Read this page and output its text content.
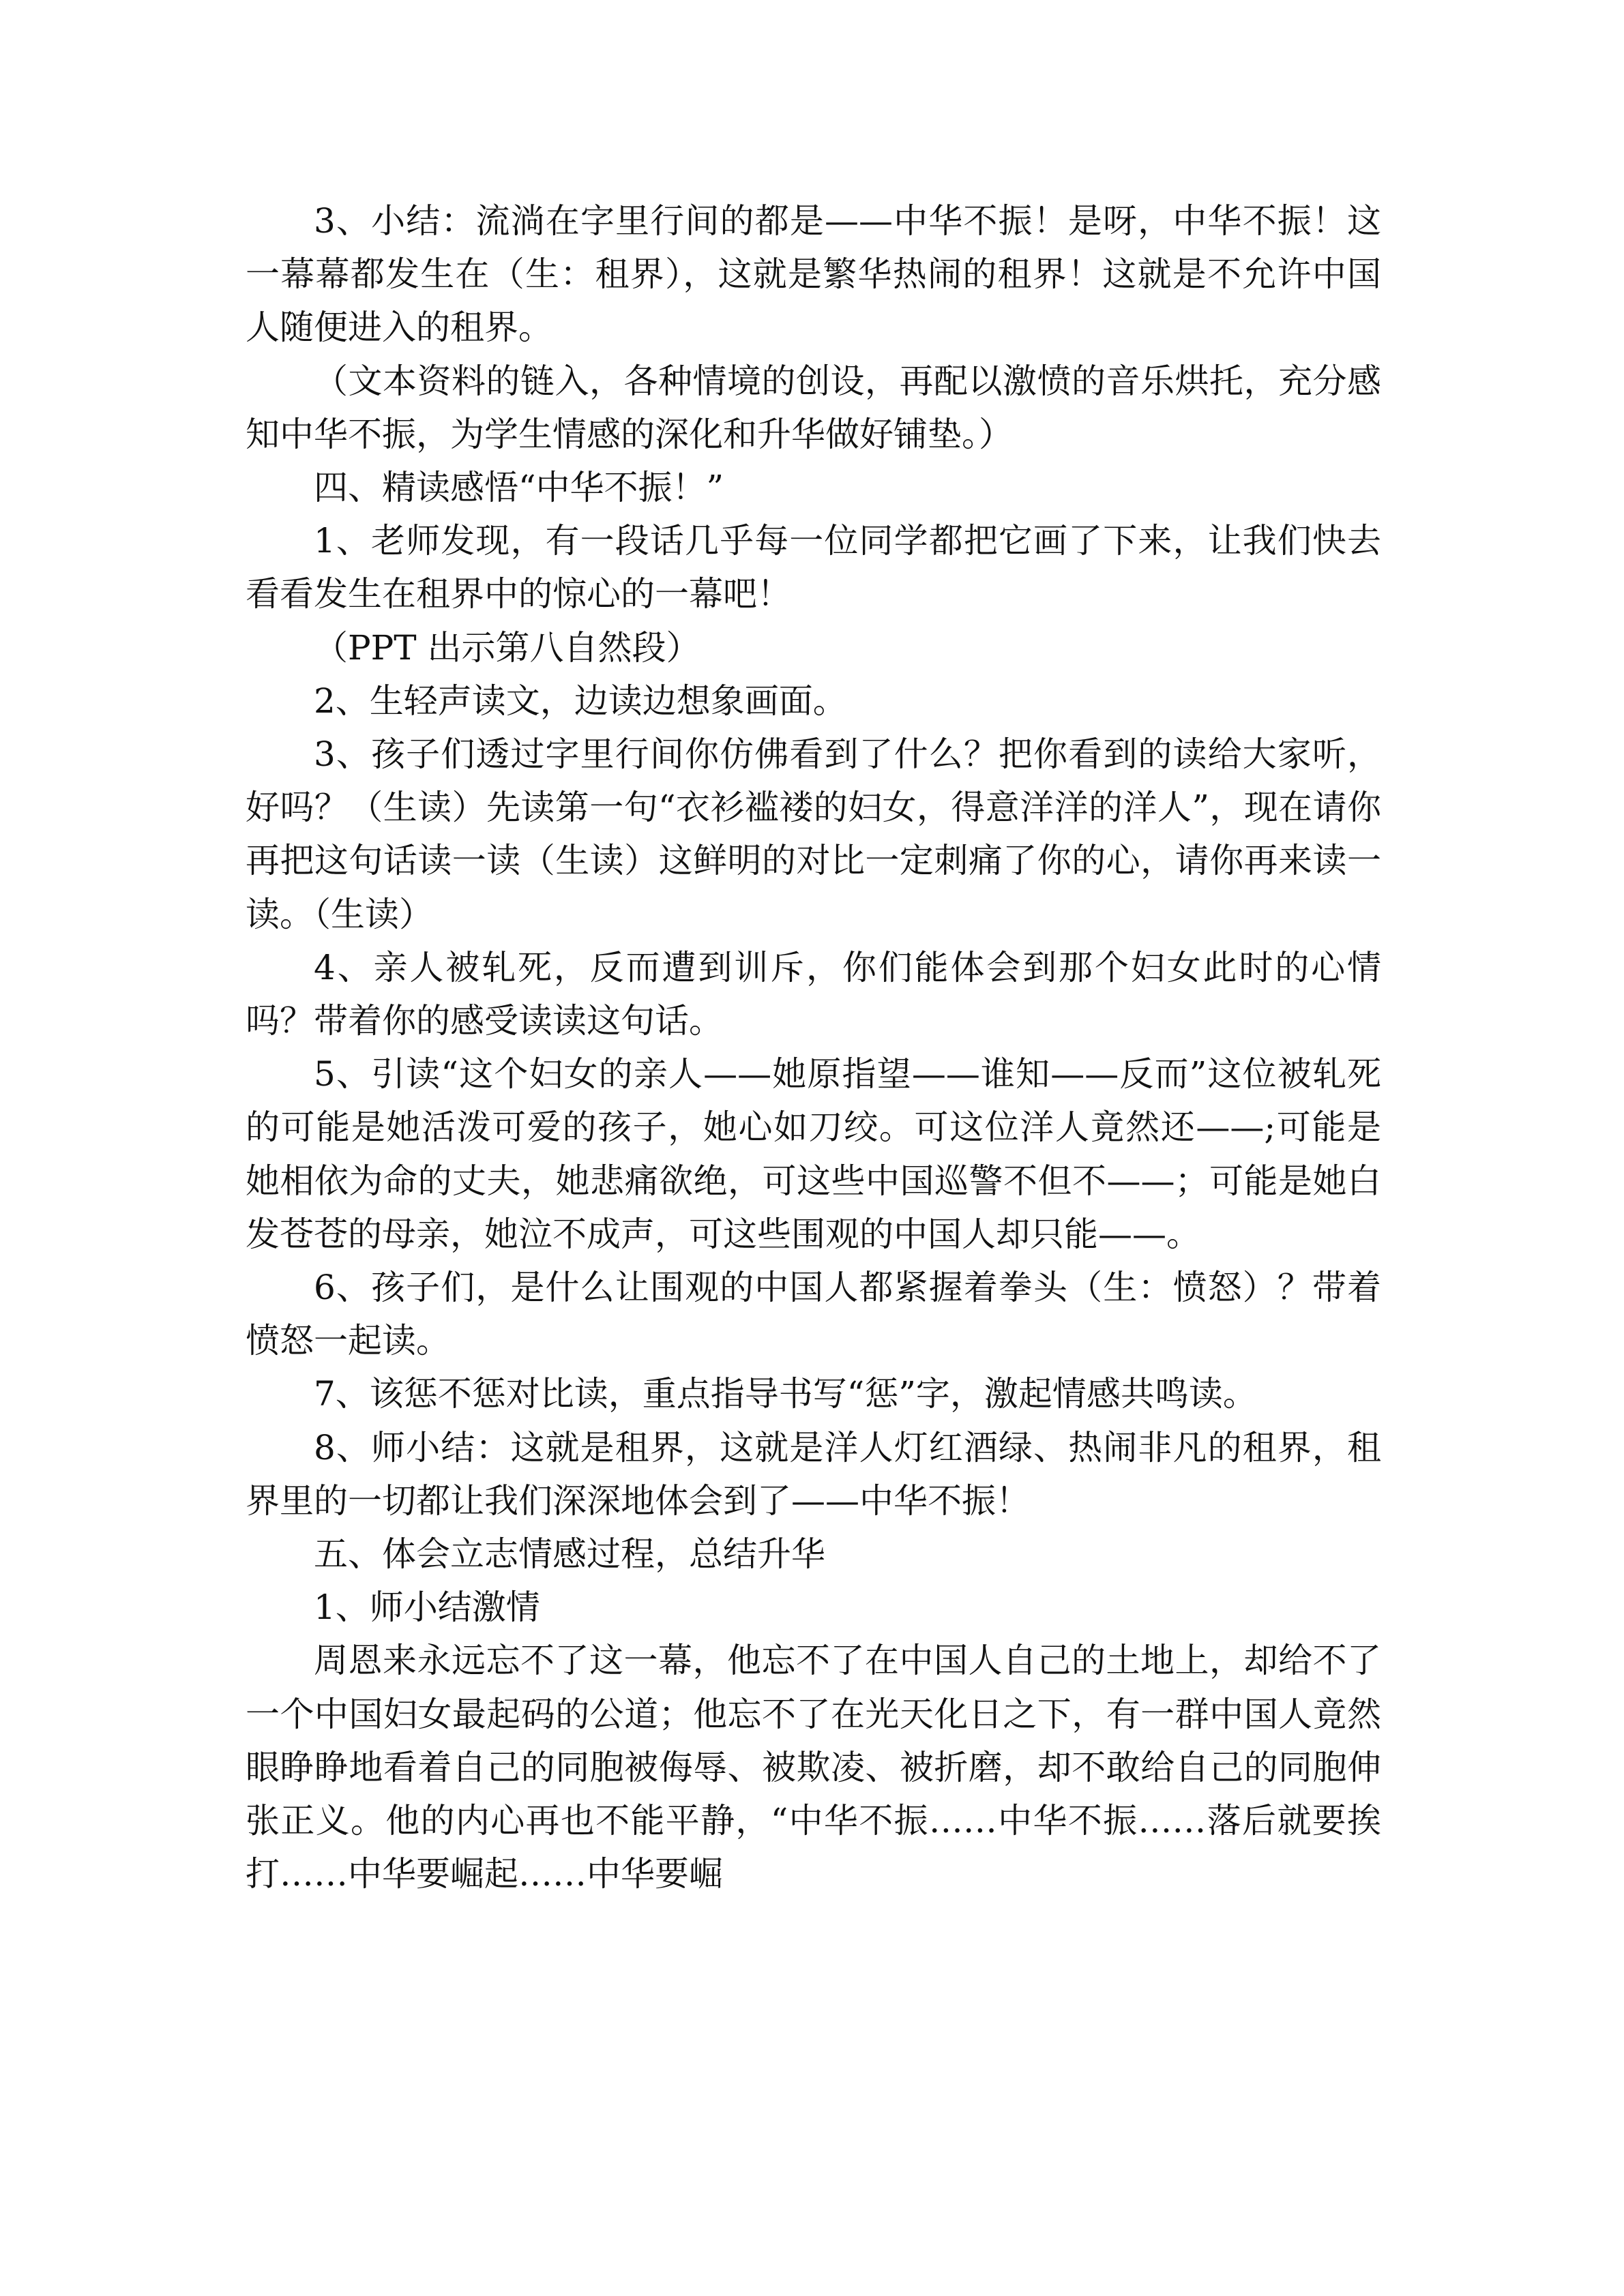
3、小结：流淌在字里行间的都是——中华不振！是呀，中华不振！这一幕幕都发生在（生：租界），这就是繁华热闹的租界！这就是不允许中国人随便进入的租界。

（文本资料的链入，各种情境的创设，再配以激愤的音乐烘托，充分感知中华不振，为学生情感的深化和升华做好铺垫。）

四、精读感悟“中华不振！”

1、老师发现，有一段话几乎每一位同学都把它画了下来，让我们快去看看发生在租界中的惊心的一幕吧！

（PPT 出示第八自然段）

2、生轻声读文，边读边想象画面。

3、孩子们透过字里行间你仿佛看到了什么？把你看到的读给大家听，好吗？（生读）先读第一句“衣衫褴褛的妇女，得意洋洋的洋人”，现在请你再把这句话读一读（生读）这鲜明的对比一定刺痛了你的心，请你再来读一读。（生读）

4、亲人被轧死，反而遭到训斥，你们能体会到那个妇女此时的心情吗？带着你的感受读读这句话。

5、引读“这个妇女的亲人——她原指望——谁知——反而”这位被轧死的可能是她活泼可爱的孩子，她心如刀绞。可这位洋人竟然还——;可能是她相依为命的丈夫，她悲痛欲绝，可这些中国巡警不但不——；可能是她白发苍苍的母亲，她泣不成声，可这些围观的中国人却只能——。

6、孩子们，是什么让围观的中国人都紧握着拳头（生：愤怒）？带着愤怒一起读。

7、该惩不惩对比读，重点指导书写“惩”字，激起情感共鸣读。

8、师小结：这就是租界，这就是洋人灯红酒绿、热闹非凡的租界，租界里的一切都让我们深深地体会到了——中华不振！

五、体会立志情感过程，总结升华

1、师小结激情

周恩来永远忘不了这一幕，他忘不了在中国人自己的土地上，却给不了一个中国妇女最起码的公道；他忘不了在光天化日之下，有一群中国人竟然眼睁睁地看着自己的同胞被侮辱、被欺凌、被折磨，却不敢给自己的同胞伸张正义。他的内心再也不能平静，“中华不振……中华不振……落后就要挨打……中华要崛起……中华要崛
